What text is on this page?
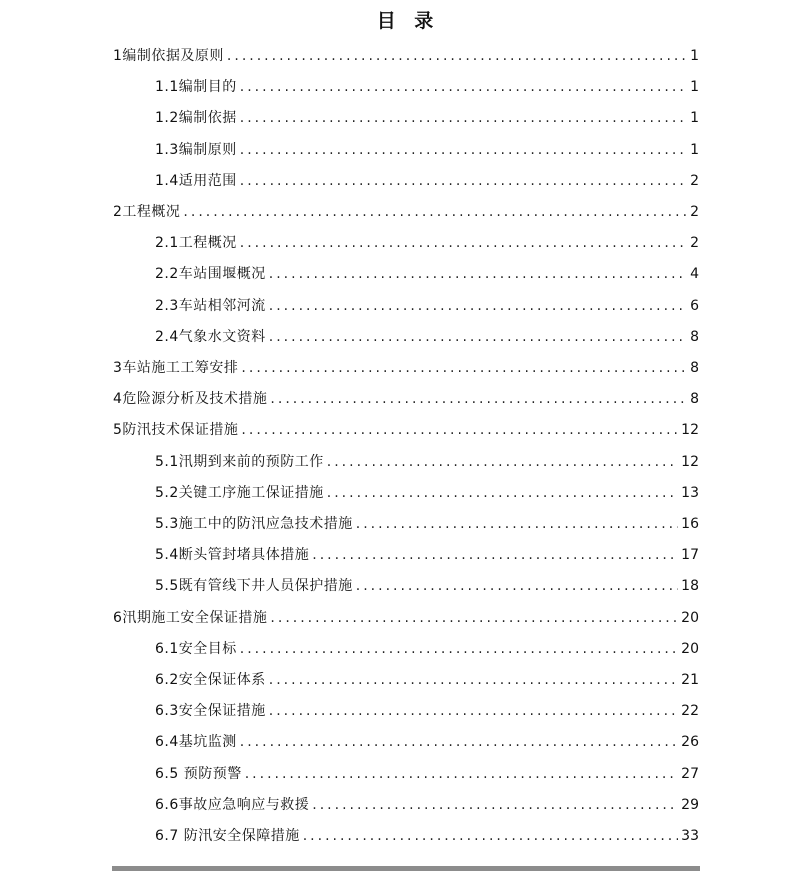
目 录
1编制依据及原则 .....	1
1.1编制目的 .....	1
1.2编制依据 .....	1
1.3编制原则 .....	1
1.4适用范围 .....	2
2工程概况 .....	2
2.1工程概况 .....	2
2.2车站围堰概况 .....	4
2.3车站相邻河流 .....	6
2.4气象水文资料 .....	8
3车站施工工筹安排 .....	8
4危险源分析及技术措施 .....	8
5防汛技术保证措施 .....	12
5.1汛期到来前的预防工作 .....	12
5.2关键工序施工保证措施 .....	13
5.3施工中的防汛应急技术措施 .....	16
5.4断头管封堵具体措施 .....	17
5.5既有管线下井人员保护措施 .....	18
6汛期施工安全保证措施 .....	20
6.1安全目标 .....	20
6.2安全保证体系 .....	21
6.3安全保证措施 .....	22
6.4基坑监测 .....	26
6.5 预防预警 .....	27
6.6事故应急响应与救援 .....	29
6.7 防汛安全保障措施 .....	33
